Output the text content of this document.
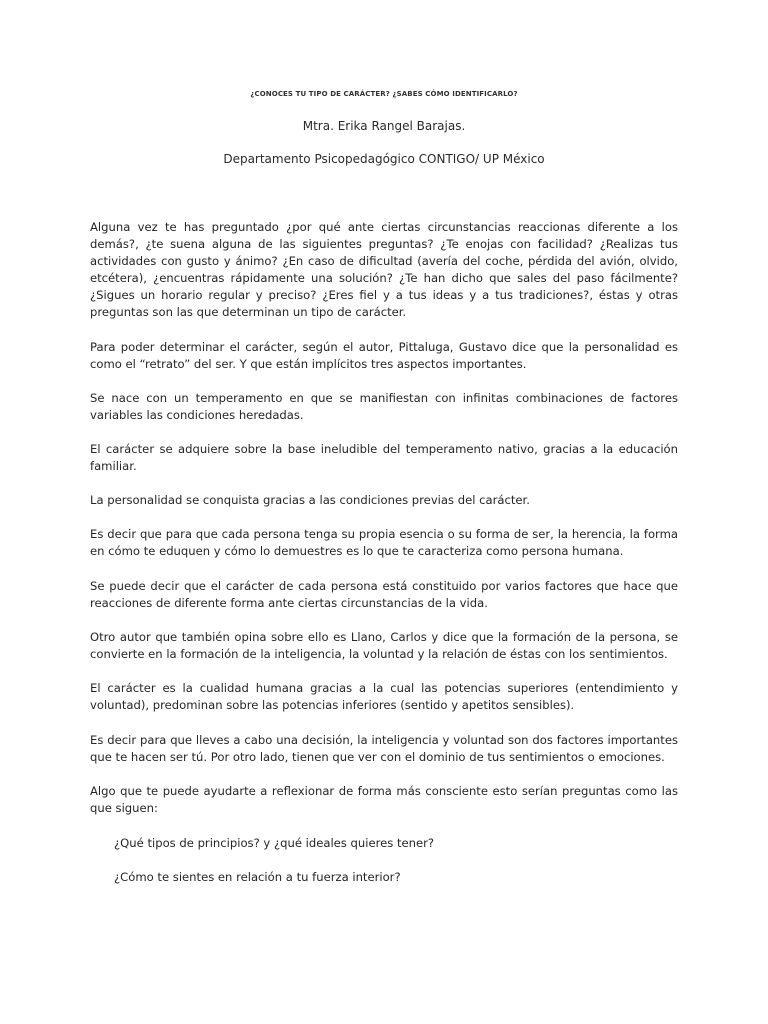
¿CONOCES TU TIPO DE CARÁCTER? ¿SABES CÓMO IDENTIFICARLO?

Mtra. Erika Rangel Barajas.

Departamento Psicopedagógico CONTIGO/ UP México

Alguna vez te has preguntado ¿por qué ante ciertas circunstancias reaccionas diferente a los demás?, ¿te suena alguna de las siguientes preguntas? ¿Te enojas con facilidad? ¿Realizas tus actividades con gusto y ánimo? ¿En caso de dificultad (avería del coche, pérdida del avión, olvido, etcétera), ¿encuentras rápidamente una solución? ¿Te han dicho que sales del paso fácilmente? ¿Sigues un horario regular y preciso? ¿Eres fiel y a tus ideas y a tus tradiciones?, éstas y otras preguntas son las que determinan un tipo de carácter.

Para poder determinar el carácter, según el autor, Pittaluga, Gustavo dice que la personalidad es como el “retrato” del ser. Y que están implícitos tres aspectos importantes.

Se nace con un temperamento en que se manifiestan con infinitas combinaciones de factores variables las condiciones heredadas.

El carácter se adquiere sobre la base ineludible del temperamento nativo, gracias a la educación familiar.

La personalidad se conquista gracias a las condiciones previas del carácter.

Es decir que para que cada persona tenga su propia esencia o su forma de ser, la herencia, la forma en cómo te eduquen y cómo lo demuestres es lo que te caracteriza como persona humana.

Se puede decir que el carácter de cada persona está constituido por varios factores que hace que reacciones de diferente forma ante ciertas circunstancias de la vida.

Otro autor que también opina sobre ello es Llano, Carlos y dice que la formación de la persona, se convierte en la formación de la inteligencia, la voluntad y la relación de éstas con los sentimientos.

El carácter es la cualidad humana gracias a la cual las potencias superiores (entendimiento y voluntad), predominan sobre las potencias inferiores (sentido y apetitos sensibles).

Es decir para que lleves a cabo una decisión, la inteligencia y voluntad son dos factores importantes que te hacen ser tú. Por otro lado, tienen que ver con el dominio de tus sentimientos o emociones.

Algo que te puede ayudarte a reflexionar de forma más consciente esto serían preguntas como las que siguen:

¿Qué tipos de principios? y ¿qué ideales quieres tener?

¿Cómo te sientes en relación a tu fuerza interior?
